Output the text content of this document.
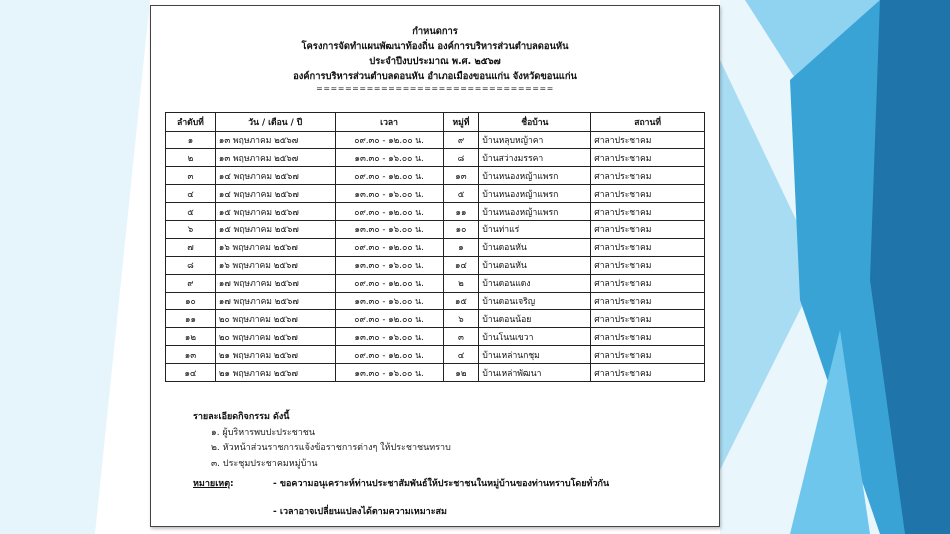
กำหนดการ
โครงการจัดทำแผนพัฒนาท้องถิ่น องค์การบริหารส่วนตำบลดอนหัน
ประจำปีงบประมาณ พ.ศ. ๒๕๖๗
องค์การบริหารส่วนตำบลดอนหัน อำเภอเมืองขอนแก่น จังหวัดขอนแก่น
=================================
ลำดับที่	วัน / เดือน / ปี	เวลา	หมู่ที่	ชื่อบ้าน	สถานที่
๑	๑๓ พฤษภาคม ๒๕๖๗	๐๙.๓๐ - ๑๒.๐๐ น.	๙	บ้านหลุบหญ้าคา	ศาลาประชาคม
๒	๑๓ พฤษภาคม ๒๕๖๗	๑๓.๓๐ - ๑๖.๐๐ น.	๘	บ้านสว่างมรรคา	ศาลาประชาคม
๓	๑๔ พฤษภาคม ๒๕๖๗	๐๙.๓๐ - ๑๒.๐๐ น.	๑๓	บ้านหนองหญ้าแพรก	ศาลาประชาคม
๔	๑๔ พฤษภาคม ๒๕๖๗	๑๓.๓๐ - ๑๖.๐๐ น.	๕	บ้านหนองหญ้าแพรก	ศาลาประชาคม
๕	๑๕ พฤษภาคม ๒๕๖๗	๐๙.๓๐ - ๑๒.๐๐ น.	๑๑	บ้านหนองหญ้าแพรก	ศาลาประชาคม
๖	๑๕ พฤษภาคม ๒๕๖๗	๑๓.๓๐ - ๑๖.๐๐ น.	๑๐	บ้านท่าแร่	ศาลาประชาคม
๗	๑๖ พฤษภาคม ๒๕๖๗	๐๙.๓๐ - ๑๒.๐๐ น.	๑	บ้านดอนหัน	ศาลาประชาคม
๘	๑๖ พฤษภาคม ๒๕๖๗	๑๓.๓๐ - ๑๖.๐๐ น.	๑๔	บ้านดอนหัน	ศาลาประชาคม
๙	๑๗ พฤษภาคม ๒๕๖๗	๐๙.๓๐ - ๑๒.๐๐ น.	๒	บ้านดอนแดง	ศาลาประชาคม
๑๐	๑๗ พฤษภาคม ๒๕๖๗	๑๓.๓๐ - ๑๖.๐๐ น.	๑๕	บ้านดอนเจริญ	ศาลาประชาคม
๑๑	๒๐ พฤษภาคม ๒๕๖๗	๐๙.๓๐ - ๑๒.๐๐ น.	๖	บ้านดอนน้อย	ศาลาประชาคม
๑๒	๒๐ พฤษภาคม ๒๕๖๗	๑๓.๓๐ - ๑๖.๐๐ น.	๓	บ้านโนนเขวา	ศาลาประชาคม
๑๓	๒๑ พฤษภาคม ๒๕๖๗	๐๙.๓๐ - ๑๒.๐๐ น.	๔	บ้านเหล่านกชุม	ศาลาประชาคม
๑๔	๒๑ พฤษภาคม ๒๕๖๗	๑๓.๓๐ - ๑๖.๐๐ น.	๑๒	บ้านเหล่าพัฒนา	ศาลาประชาคม
รายละเอียดกิจกรรม ดังนี้
๑. ผู้บริหารพบปะประชาชน
๒. หัวหน้าส่วนราชการแจ้งข้อราชการต่างๆ ให้ประชาชนทราบ
๓. ประชุมประชาคมหมู่บ้าน
หมายเหตุ:	- ขอความอนุเคราะห์ท่านประชาสัมพันธ์ให้ประชาชนในหมู่บ้านของท่านทราบโดยทั่วกัน
- เวลาอาจเปลี่ยนแปลงได้ตามความเหมาะสม
